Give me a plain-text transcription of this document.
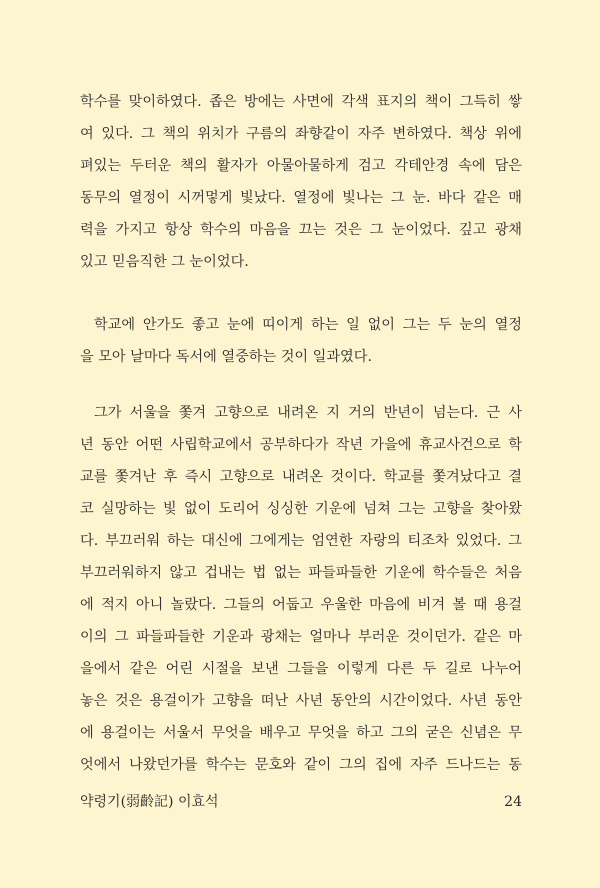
학수를 맞이하였다. 좁은 방에는 사면에 각색 표지의 책이 그득히 쌓
여 있다. 그 책의 위치가 구름의 좌향같이 자주 변하였다. 책상 위에
펴있는 두터운 책의 활자가 아물아물하게 검고 각테안경 속에 담은
동무의 열정이 시꺼멓게 빛났다. 열정에 빛나는 그 눈. 바다 같은 매
력을 가지고 항상 학수의 마음을 끄는 것은 그 눈이었다. 깊고 광채
있고 믿음직한 그 눈이었다.
학교에 안가도 좋고 눈에 띠이게 하는 일 없이 그는 두 눈의 열정
을 모아 날마다 독서에 열중하는 것이 일과였다.
그가 서울을 쫓겨 고향으로 내려온 지 거의 반년이 넘는다. 근 사
년 동안 어떤 사립학교에서 공부하다가 작년 가을에 휴교사건으로 학
교를 쫓겨난 후 즉시 고향으로 내려온 것이다. 학교를 쫓겨났다고 결
코 실망하는 빛 없이 도리어 싱싱한 기운에 넘쳐 그는 고향을 찾아왔
다. 부끄러워 하는 대신에 그에게는 엄연한 자랑의 티조차 있었다. 그
부끄러워하지 않고 겁내는 법 없는 파들파들한 기운에 학수들은 처음
에 적지 아니 놀랐다. 그들의 어둡고 우울한 마음에 비겨 볼 때 용걸
이의 그 파들파들한 기운과 광채는 얼마나 부러운 것이던가. 같은 마
을에서 같은 어린 시절을 보낸 그들을 이렇게 다른 두 길로 나누어
놓은 것은 용걸이가 고향을 떠난 사년 동안의 시간이었다. 사년 동안
에 용걸이는 서울서 무엇을 배우고 무엇을 하고 그의 굳은 신념은 무
엇에서 나왔던가를 학수는 문호와 같이 그의 집에 자주 드나드는 동
약령기(弱齡記) 이효석	24
